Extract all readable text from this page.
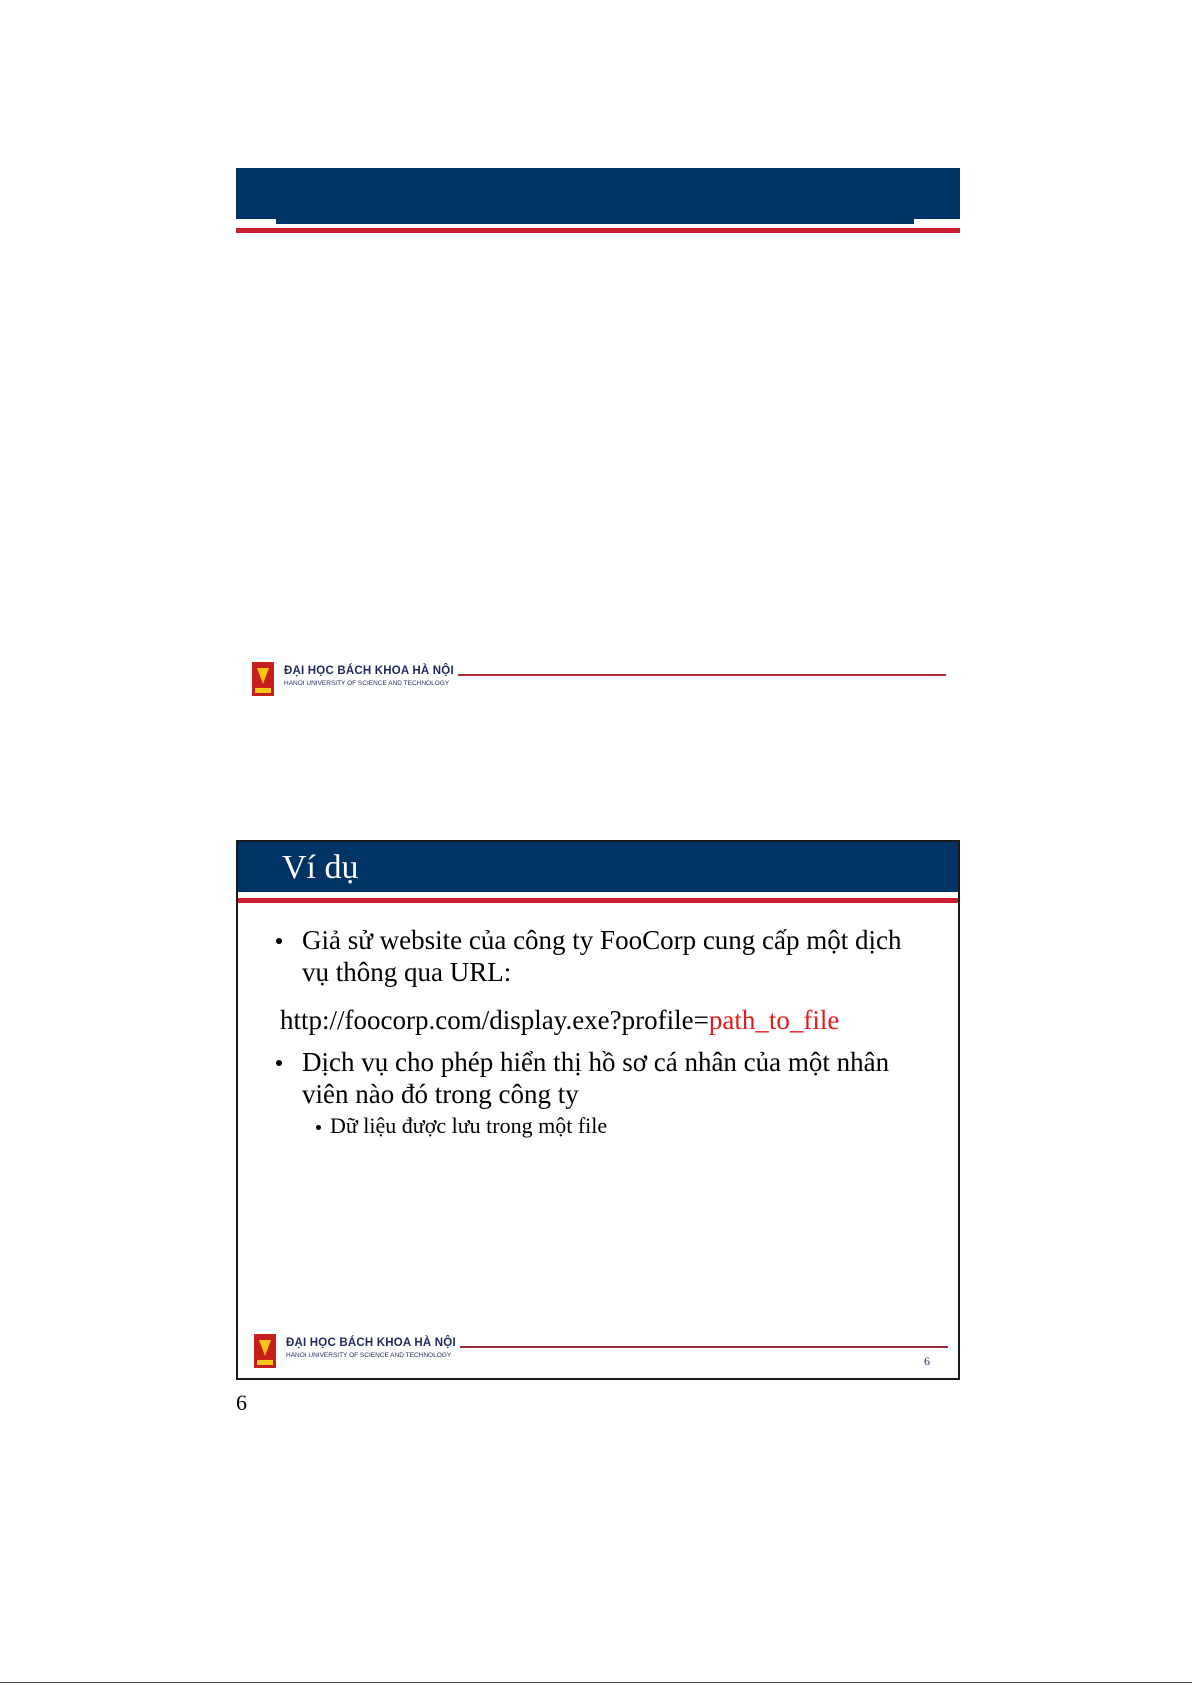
ĐẠI HỌC BÁCH KHOA HÀ NỘI
HANOI UNIVERSITY OF SCIENCE AND TECHNOLOGY
Ví dụ
Giả sử website của công ty FooCorp cung cấp một dịch vụ thông qua URL:
http://foocorp.com/display.exe?profile=path_to_file
Dịch vụ cho phép hiển thị hồ sơ cá nhân của một nhân viên nào đó trong công ty
Dữ liệu được lưu trong một file
ĐẠI HỌC BÁCH KHOA HÀ NỘI
HANOI UNIVERSITY OF SCIENCE AND TECHNOLOGY	6
6
